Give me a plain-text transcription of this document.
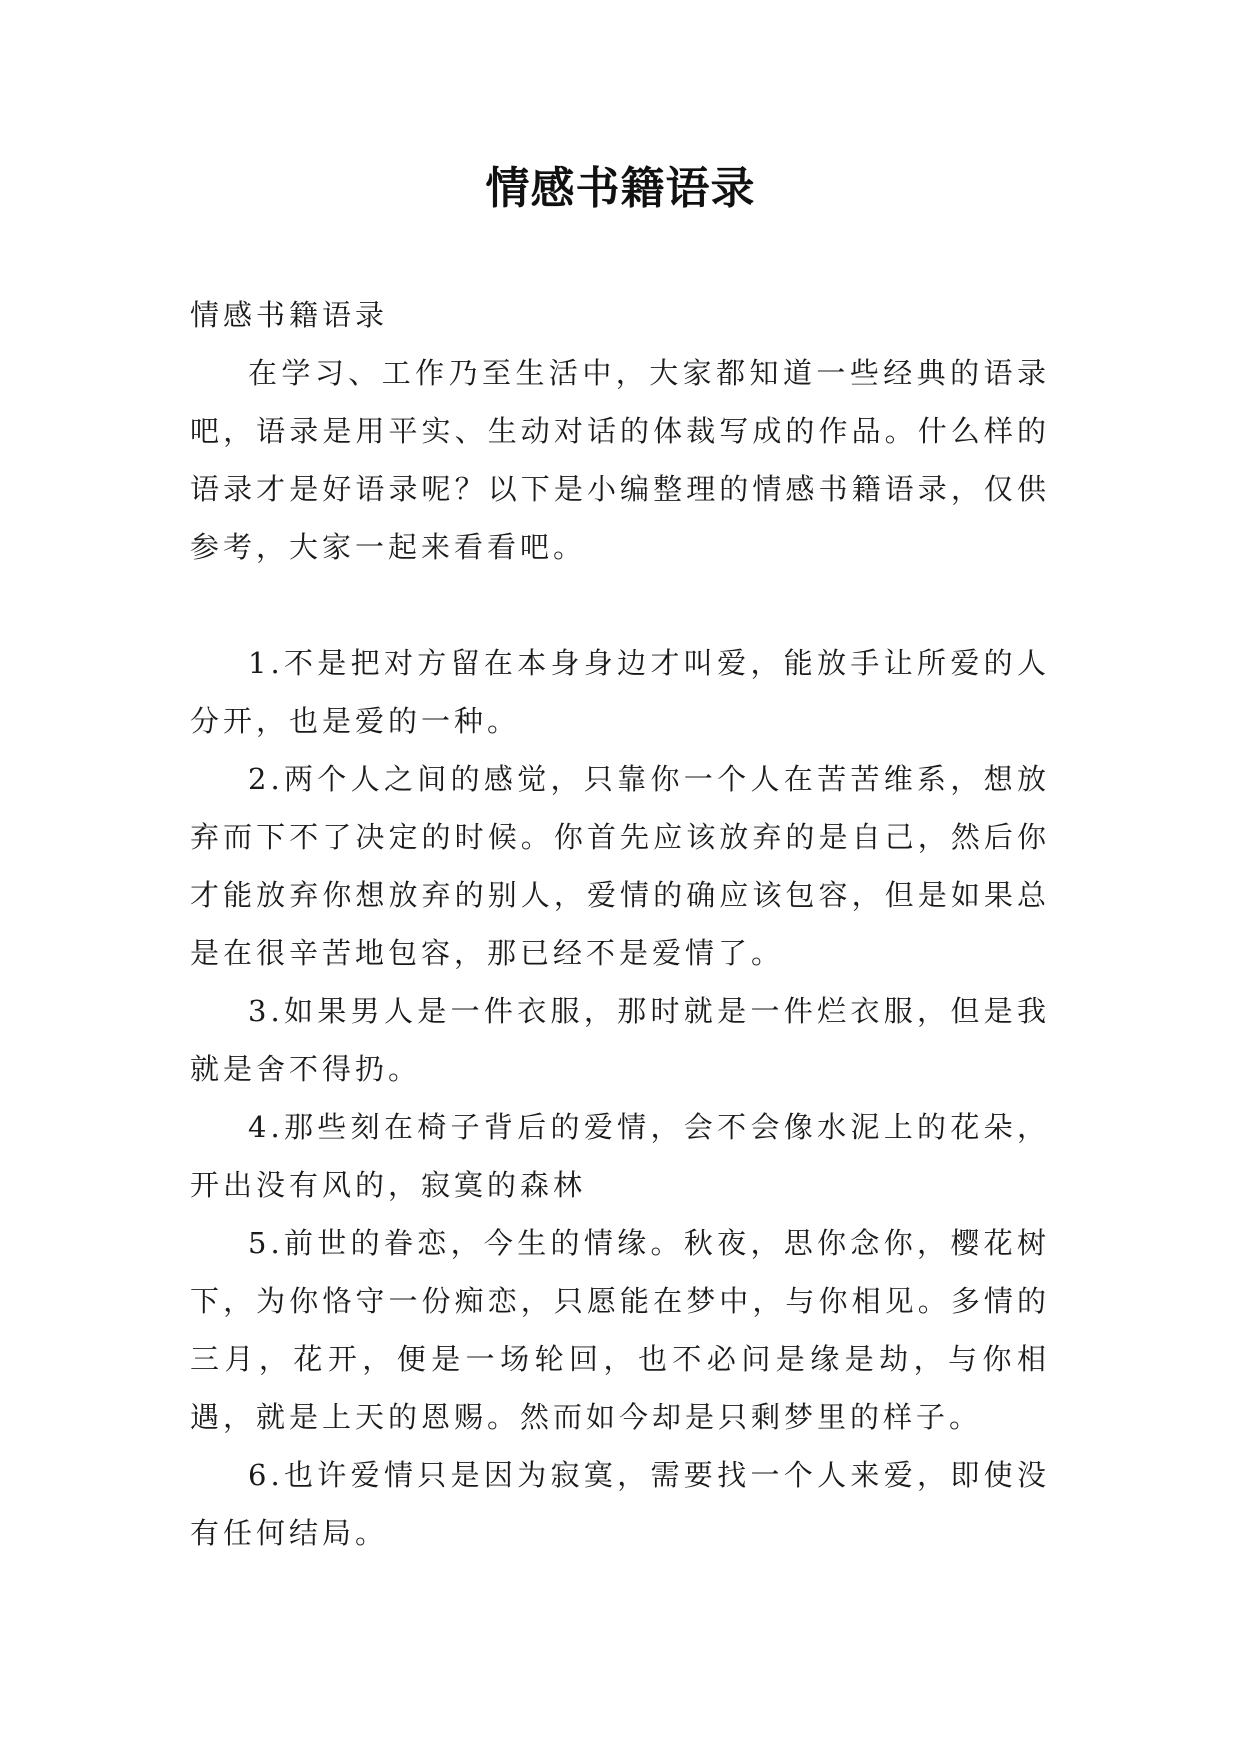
情感书籍语录

情感书籍语录

在学习、工作乃至生活中，大家都知道一些经典的语录吧，语录是用平实、生动对话的体裁写成的作品。什么样的语录才是好语录呢？以下是小编整理的情感书籍语录，仅供参考，大家一起来看看吧。

1.不是把对方留在本身身边才叫爱，能放手让所爱的人分开，也是爱的一种。

2.两个人之间的感觉，只靠你一个人在苦苦维系，想放弃而下不了决定的时候。你首先应该放弃的是自己，然后你才能放弃你想放弃的别人，爱情的确应该包容，但是如果总是在很辛苦地包容，那已经不是爱情了。

3.如果男人是一件衣服，那时就是一件烂衣服，但是我就是舍不得扔。

4.那些刻在椅子背后的爱情，会不会像水泥上的花朵，开出没有风的，寂寞的森林

5.前世的眷恋，今生的情缘。秋夜，思你念你，樱花树下，为你恪守一份痴恋，只愿能在梦中，与你相见。多情的三月，花开，便是一场轮回，也不必问是缘是劫，与你相遇，就是上天的恩赐。然而如今却是只剩梦里的样子。

6.也许爱情只是因为寂寞，需要找一个人来爱，即使没有任何结局。
